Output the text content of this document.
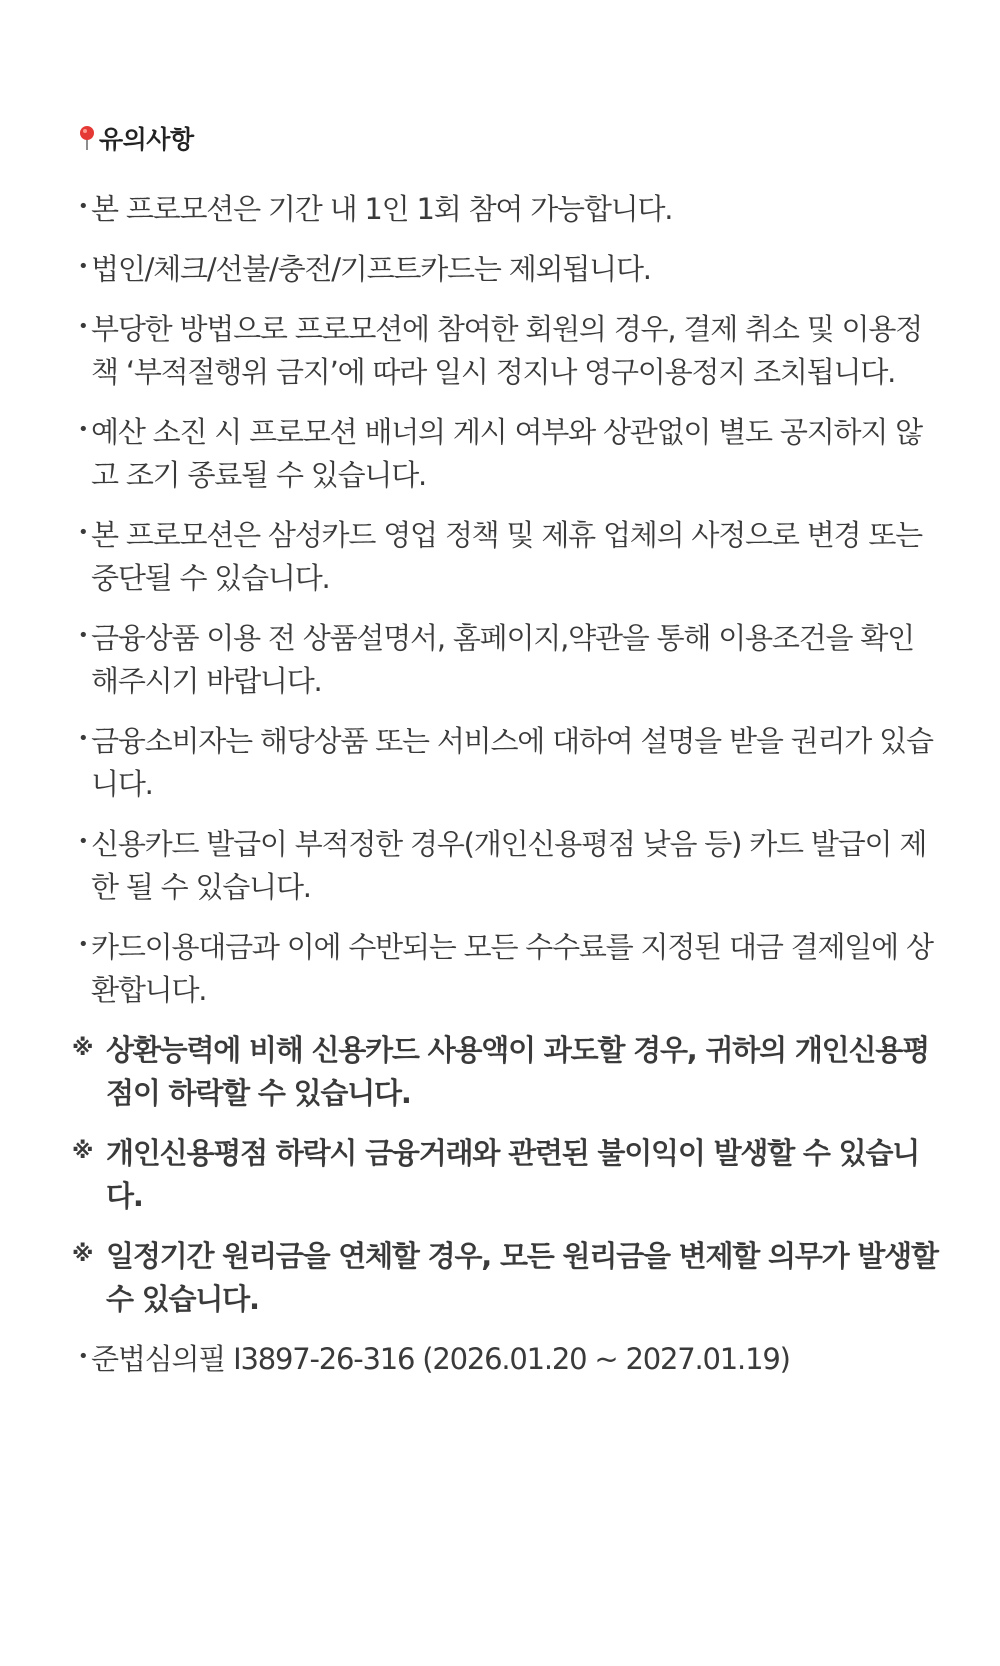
유의사항
• 본 프로모션은 기간 내 1인 1회 참여 가능합니다.
• 법인/체크/선불/충전/기프트카드는 제외됩니다.
• 부당한 방법으로 프로모션에 참여한 회원의 경우, 결제 취소 및 이용정책 ‘부적절행위 금지’에 따라 일시 정지나 영구이용정지 조치됩니다.
• 예산 소진 시 프로모션 배너의 게시 여부와 상관없이 별도 공지하지 않고 조기 종료될 수 있습니다.
• 본 프로모션은 삼성카드 영업 정책 및 제휴 업체의 사정으로 변경 또는 중단될 수 있습니다.
• 금융상품 이용 전 상품설명서, 홈페이지,약관을 통해 이용조건을 확인해주시기 바랍니다.
• 금융소비자는 해당상품 또는 서비스에 대하여 설명을 받을 권리가 있습니다.
• 신용카드 발급이 부적정한 경우(개인신용평점 낮음 등) 카드 발급이 제한 될 수 있습니다.
• 카드이용대금과 이에 수반되는 모든 수수료를 지정된 대금 결제일에 상환합니다.
※ 상환능력에 비해 신용카드 사용액이 과도할 경우, 귀하의 개인신용평점이 하락할 수 있습니다.
※ 개인신용평점 하락시 금융거래와 관련된 불이익이 발생할 수 있습니다.
※ 일정기간 원리금을 연체할 경우, 모든 원리금을 변제할 의무가 발생할 수 있습니다.
• 준법심의필 I3897-26-316 (2026.01.20 ~ 2027.01.19)
